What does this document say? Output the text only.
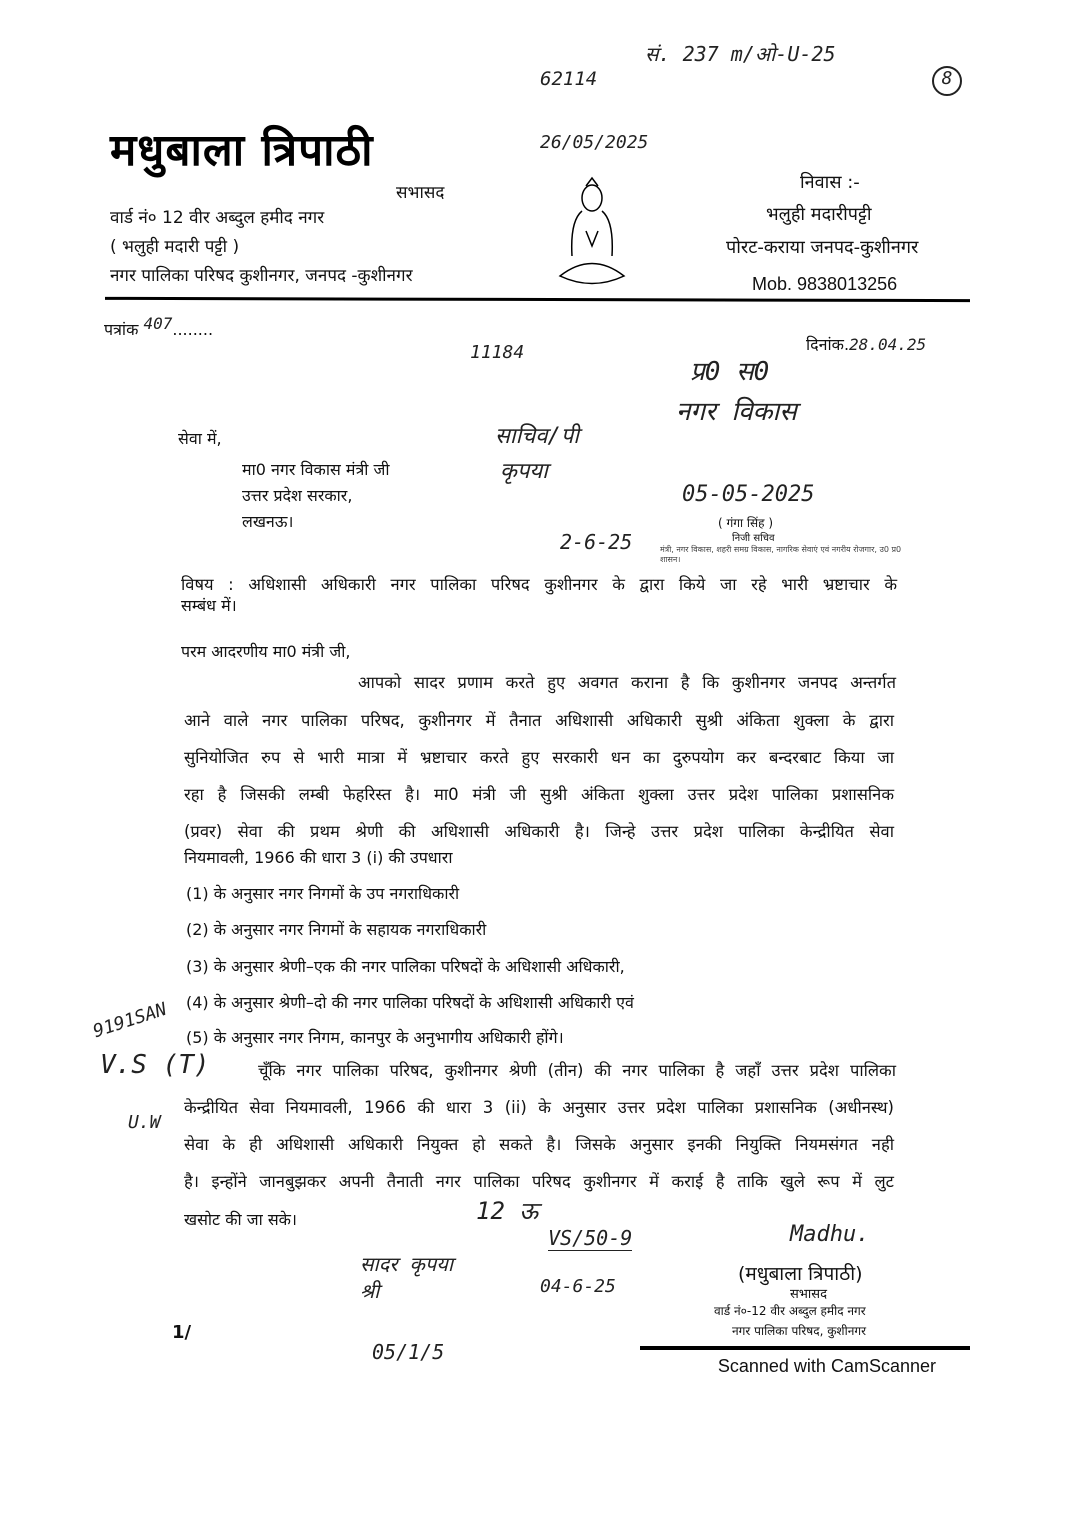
मधुबाला त्रिपाठी
सभासद
वार्ड नं० 12 वीर अब्दुल हमीद नगर
( भलुही मदारी पट्टी )
नगर पालिका परिषद कुशीनगर, जनपद -कुशीनगर
निवास :-
भलुही मदारीपट्टी
पोरट-कराया जनपद-कुशीनगर
Mob. 9838013256
पत्रांक 407........
दिनांक.28.04.25
सं. 237 m/ओ-U-25
62114	8
26/05/2025
11184
प्र0 स0
नगर विकास
साचिव/पी
कृपया
05-05-2025
( गंगा सिंह )
निजी सचिव
मंत्री, नगर विकास, शहरी समग्र विकास, नागरिक सेवाएं एवं नगरीय रोजगार, उ0 प्र0 शासन।
2-6-25
9191SAN
V.S (T)
U.W
12 ऊ
VS/50-9
सादर कृपया श्री
05/1/5
04-6-25
Madhu.
सेवा में,
मा0 नगर विकास मंत्री जी
उत्तर प्रदेश सरकार,
लखनऊ।
विषय : अधिशासी अधिकारी नगर पालिका परिषद कुशीनगर के द्वारा किये जा रहे भारी भ्रष्टाचार के
सम्बंध में।
परम आदरणीय मा0 मंत्री जी,
आपको सादर प्रणाम करते हुए अवगत कराना है कि कुशीनगर जनपद अन्तर्गत
आने वाले नगर पालिका परिषद, कुशीनगर में तैनात अधिशासी अधिकारी सुश्री अंकिता शुक्ला के द्वारा
सुनियोजित रुप से भारी मात्रा में भ्रष्टाचार करते हुए सरकारी धन का दुरुपयोग कर बन्दरबाट किया जा
रहा है जिसकी लम्बी फेहरिस्त है। मा0 मंत्री जी सुश्री अंकिता शुक्ला उत्तर प्रदेश पालिका प्रशासनिक
(प्रवर) सेवा की प्रथम श्रेणी की अधिशासी अधिकारी है। जिन्हे उत्तर प्रदेश पालिका केन्द्रीयित सेवा
नियमावली, 1966 की धारा 3 (i) की उपधारा
(1) के अनुसार नगर निगमों के उप नगराधिकारी
(2) के अनुसार नगर निगमों के सहायक नगराधिकारी
(3) के अनुसार श्रेणी–एक की नगर पालिका परिषदों के अधिशासी अधिकारी,
(4) के अनुसार श्रेणी–दो की नगर पालिका परिषदों के अधिशासी अधिकारी एवं
(5) के अनुसार नगर निगम, कानपुर के अनुभागीय अधिकारी होंगे।
चूँकि नगर पालिका परिषद, कुशीनगर श्रेणी (तीन) की नगर पालिका है जहाँ उत्तर प्रदेश पालिका
केन्द्रीयित सेवा नियमावली, 1966 की धारा 3 (ii) के अनुसार उत्तर प्रदेश पालिका प्रशासनिक (अधीनस्थ)
सेवा के ही अधिशासी अधिकारी नियुक्त हो सकते है। जिसके अनुसार इनकी नियुक्ति नियमसंगत नही
है। इन्होंने जानबुझकर अपनी तैनाती नगर पालिका परिषद कुशीनगर में कराई है ताकि खुले रूप में लुट
खसोट की जा सके।
(मधुबाला त्रिपाठी)
सभासद
वार्ड नं०-12 वीर अब्दुल हमीद नगर
नगर पालिका परिषद, कुशीनगर
1/
Scanned with CamScanner
